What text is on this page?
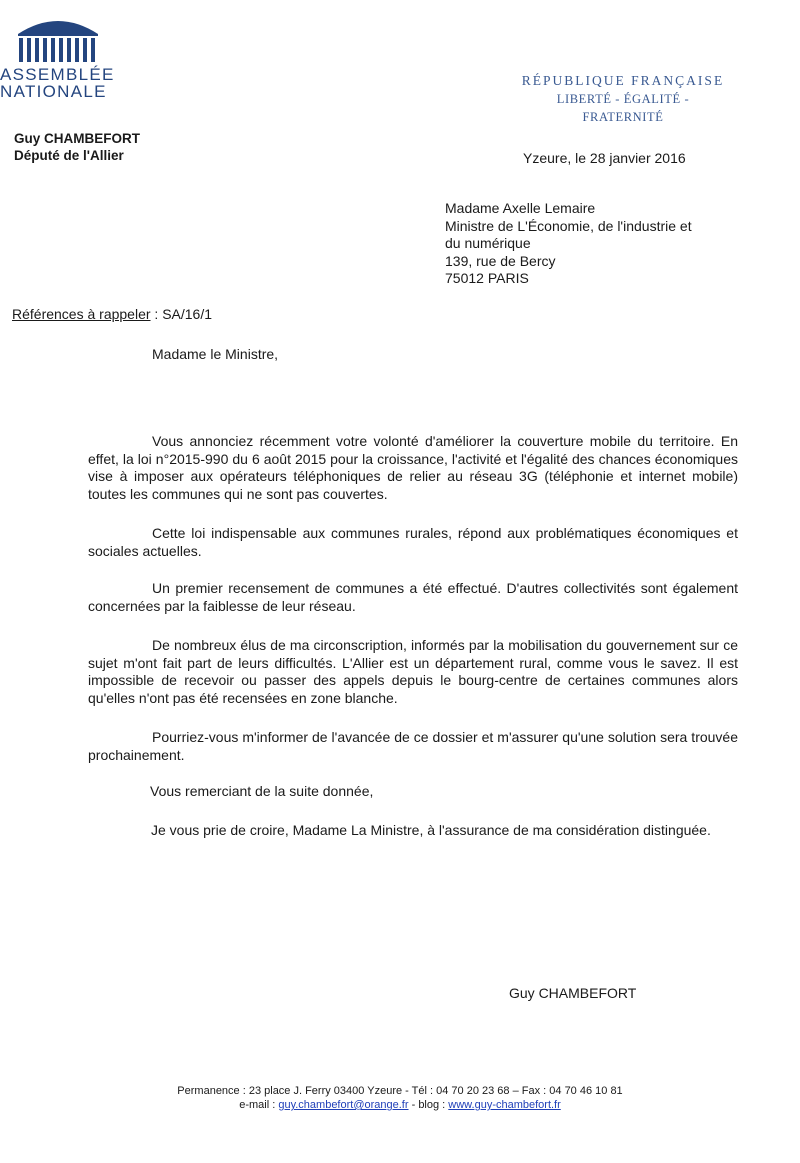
ASSEMBLÉE
NATIONALE
RÉPUBLIQUE FRANÇAISE
LIBERTÉ - ÉGALITÉ - FRATERNITÉ
Guy CHAMBEFORT
Député de l'Allier	Yzeure, le 28 janvier 2016
Madame Axelle Lemaire
Ministre de L'Économie, de l'industrie et
du numérique
139, rue de Bercy
75012 PARIS
Références à rappeler : SA/16/1
Madame le Ministre,

Vous annonciez récemment votre volonté d'améliorer la couverture mobile du territoire. En effet, la loi n°2015-990 du 6 août 2015 pour la croissance, l'activité et l'égalité des chances économiques vise à imposer aux opérateurs téléphoniques de relier au réseau 3G (téléphonie et internet mobile) toutes les communes qui ne sont pas couvertes.

Cette loi indispensable aux communes rurales, répond aux problématiques économiques et sociales actuelles.

Un premier recensement de communes a été effectué. D'autres collectivités sont également concernées par la faiblesse de leur réseau.

De nombreux élus de ma circonscription, informés par la mobilisation du gouvernement sur ce sujet m'ont fait part de leurs difficultés. L'Allier est un département rural, comme vous le savez. Il est impossible de recevoir ou passer des appels depuis le bourg-centre de certaines communes alors qu'elles n'ont pas été recensées en zone blanche.

Pourriez-vous m'informer de l'avancée de ce dossier et m'assurer qu'une solution sera trouvée prochainement.

Vous remerciant de la suite donnée,

Je vous prie de croire, Madame La Ministre, à l'assurance de ma considération distinguée.

Guy CHAMBEFORT
Permanence : 23 place J. Ferry 03400 Yzeure - Tél : 04 70 20 23 68 – Fax : 04 70 46 10 81
e-mail : guy.chambefort@orange.fr - blog : www.guy-chambefort.fr
